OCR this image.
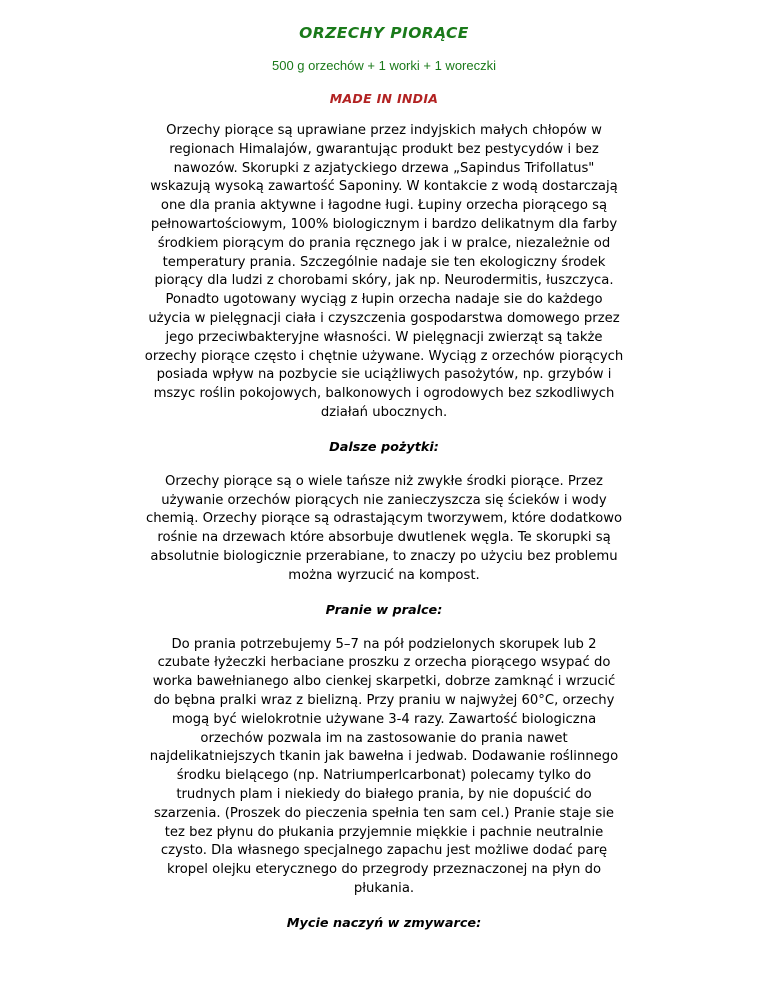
ORZECHY PIORĄCE
500 g orzechów + 1 worki + 1 woreczki
MADE IN INDIA
Orzechy piorące są uprawiane przez indyjskich małych chłopów w
regionach Himalajów, gwarantując produkt bez pestycydów i bez
nawozów. Skorupki z azjatyckiego drzewa „Sapindus Trifollatus"
wskazują wysoką zawartość Saponiny. W kontakcie z wodą dostarczają
one dla prania aktywne i łagodne ługi. Łupiny orzecha piorącego są
pełnowartościowym, 100% biologicznym i bardzo delikatnym dla farby
środkiem piorącym do prania ręcznego jak i w pralce, niezależnie od
temperatury prania. Szczególnie nadaje sie ten ekologiczny środek
piorący dla ludzi z chorobami skóry, jak np. Neurodermitis, łuszczyca.
Ponadto ugotowany wyciąg z łupin orzecha nadaje sie do każdego
użycia w pielęgnacji ciała i czyszczenia gospodarstwa domowego przez
jego przeciwbakteryjne własności. W pielęgnacji zwierząt są także
orzechy piorące często i chętnie używane. Wyciąg z orzechów piorących
posiada wpływ na pozbycie sie uciążliwych pasożytów, np. grzybów i
mszyc roślin pokojowych, balkonowych i ogrodowych bez szkodliwych
działań ubocznych.
Dalsze pożytki:
Orzechy piorące są o wiele tańsze niż zwykłe środki piorące. Przez
używanie orzechów piorących nie zanieczyszcza się ścieków i wody
chemią. Orzechy piorące są odrastającym tworzywem, które dodatkowo
rośnie na drzewach które absorbuje dwutlenek węgla. Te skorupki są
absolutnie biologicznie przerabiane, to znaczy po użyciu bez problemu
można wyrzucić na kompost.
Pranie w pralce:
Do prania potrzebujemy 5–7 na pół podzielonych skorupek lub 2
czubate łyżeczki herbaciane proszku z orzecha piorącego wsypać do
worka bawełnianego albo cienkej skarpetki, dobrze zamknąć i wrzucić
do bębna pralki wraz z bielizną. Przy praniu w najwyżej 60°C, orzechy
mogą być wielokrotnie używane 3-4 razy. Zawartość biologiczna
orzechów pozwala im na zastosowanie do prania nawet
najdelikatniejszych tkanin jak bawełna i jedwab. Dodawanie roślinnego
środku bielącego (np. Natriumperlcarbonat) polecamy tylko do
trudnych plam i niekiedy do białego prania, by nie dopuścić do
szarzenia. (Proszek do pieczenia spełnia ten sam cel.) Pranie staje sie
tez bez płynu do płukania przyjemnie miękkie i pachnie neutralnie
czysto. Dla własnego specjalnego zapachu jest możliwe dodać parę
kropel olejku eterycznego do przegrody przeznaczonej na płyn do
płukania.
Mycie naczyń w zmywarce:
